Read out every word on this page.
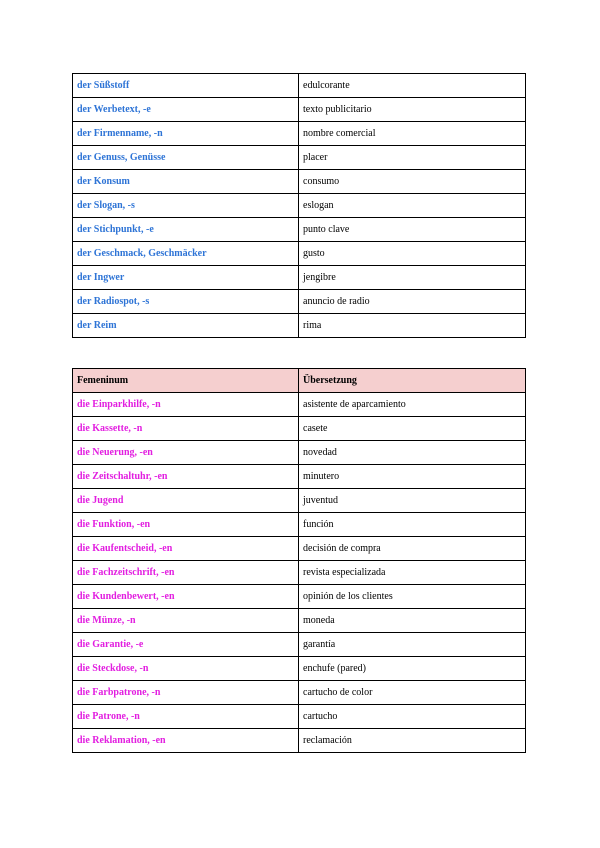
der Süßstoff	edulcorante
der Werbetext, -e	texto publicitario
der Firmenname, -n	nombre comercial
der Genuss, Genüsse	placer
der Konsum	consumo
der Slogan, -s	eslogan
der Stichpunkt, -e	punto clave
der Geschmack, Geschmäcker	gusto
der Ingwer	jengibre
der Radiospot, -s	anuncio de radio
der Reim	rima
Femeninum	Übersetzung
die Einparkhilfe, -n	asistente de aparcamiento
die Kassette, -n	casete
die Neuerung, -en	novedad
die Zeitschaltuhr, -en	minutero
die Jugend	juventud
die Funktion, -en	función
die Kaufentscheid, -en	decisión de compra
die Fachzeitschrift, -en	revista especializada
die Kundenbewert, -en	opinión de los clientes
die Münze, -n	moneda
die Garantie, -e	garantía
die Steckdose, -n	enchufe (pared)
die Farbpatrone, -n	cartucho de color
die Patrone, -n	cartucho
die Reklamation, -en	reclamación
